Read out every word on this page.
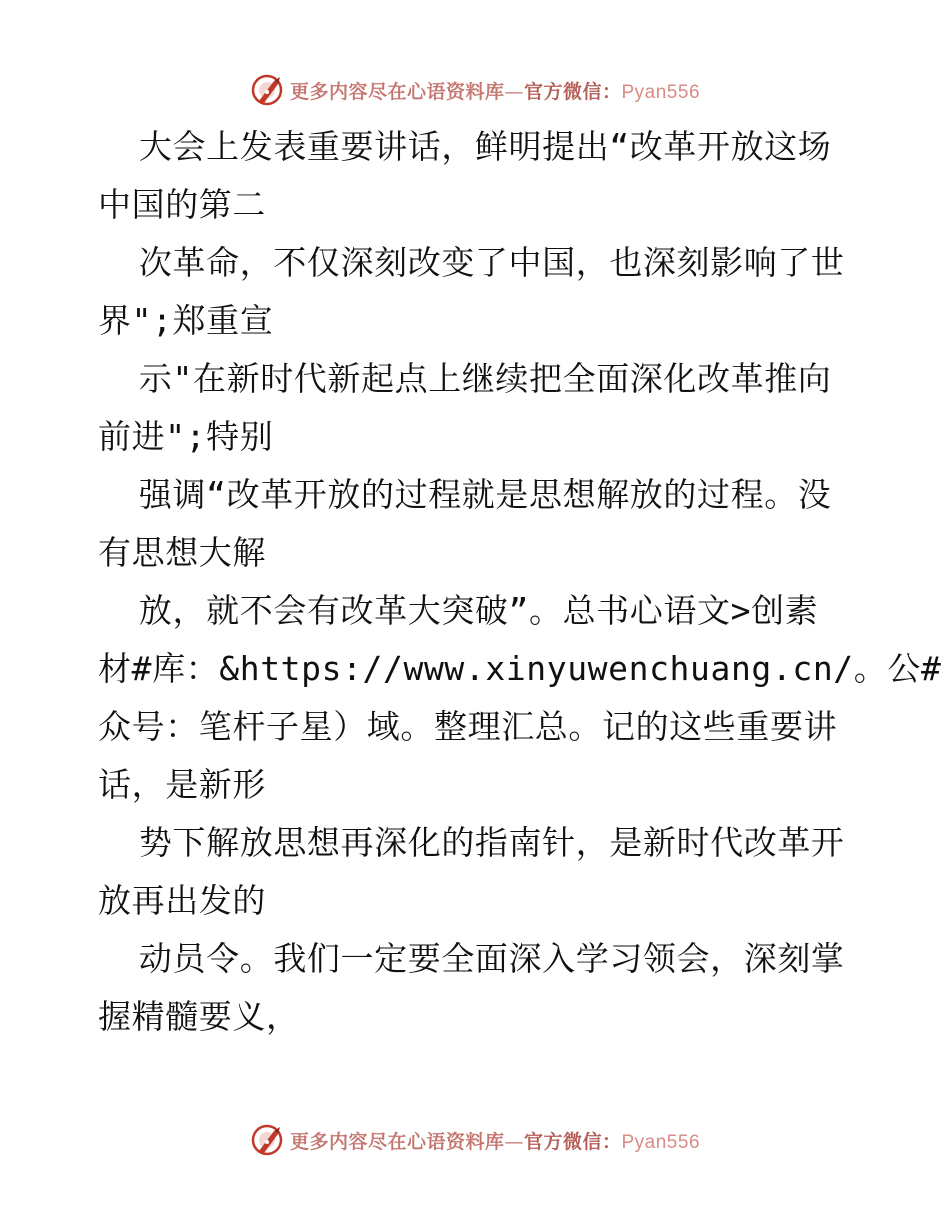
更多内容尽在心语资料库 — 官方微信： Pyan556
大会上发表重要讲话，鲜明提出“改革开放这场
中国的第二
次革命，不仅深刻改变了中国，也深刻影响了世
界";郑重宣
示"在新时代新起点上继续把全面深化改革推向
前进";特别
强调“改革开放的过程就是思想解放的过程。没
有思想大解
放，就不会有改革大突破”。总书心语文>创素
材#库：&https://www.xinyuwenchuang.cn/。公#
众号：笔杆子星）域。整理汇总。记的这些重要讲
话，是新形
势下解放思想再深化的指南针，是新时代改革开
放再出发的
动员令。我们一定要全面深入学习领会，深刻掌
握精髓要义，
更多内容尽在心语资料库 — 官方微信： Pyan556
